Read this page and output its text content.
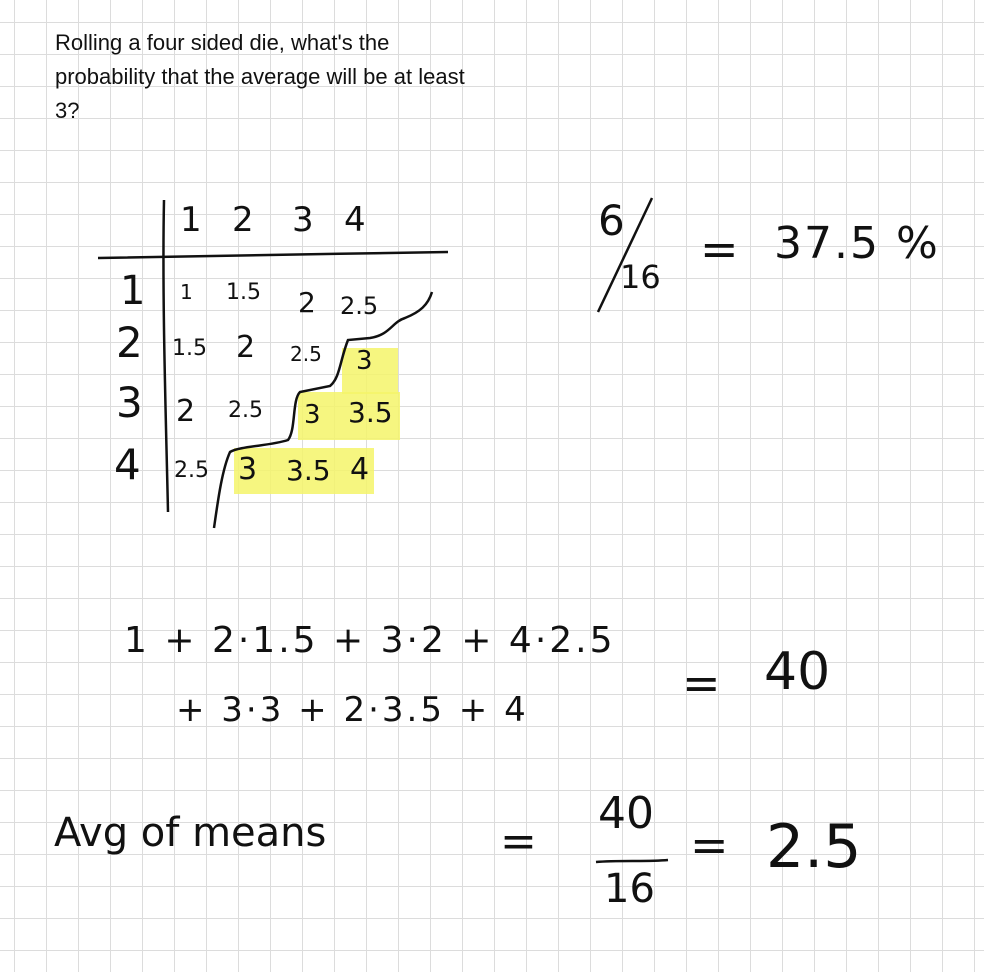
Rolling a four sided die, what's the probability that the average will be at least 3?
1 2 3 4
1
2
3
4
1 1.5 2 2.5
1.5 2 2.5 3
2 2.5 3 3.5
2.5 3 3.5 4
6
16
= 37.5 %
1 + 2·1.5 + 3·2 + 4·2.5
+ 3·3 + 2·3.5 + 4	= 40
Avg of means	=
40
16
= 2.5
